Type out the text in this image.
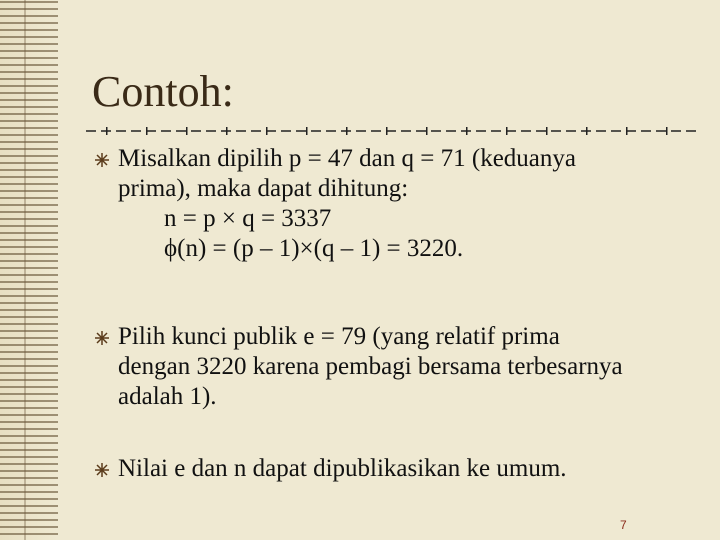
Contoh:
Misalkan dipilih p = 47 dan q = 71 (keduanya
prima), maka dapat dihitung:
n = p × q = 3337
ϕ(n) = (p – 1)×(q – 1) = 3220.
Pilih kunci publik e = 79 (yang relatif prima
dengan 3220 karena pembagi bersama terbesarnya
adalah 1).
Nilai e dan n dapat dipublikasikan ke umum.
7
